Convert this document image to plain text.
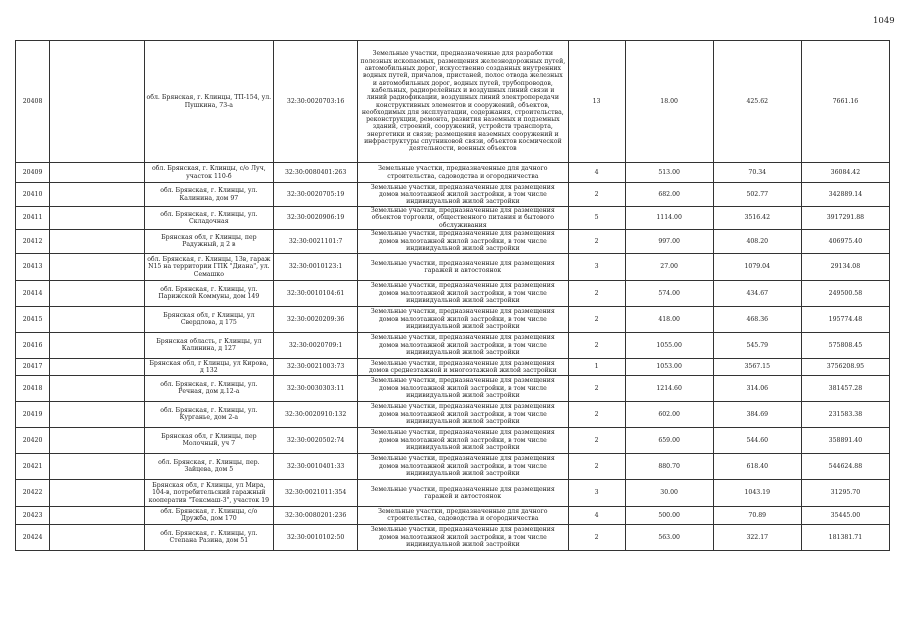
1049
20408		обл. Брянская, г. Клинцы, ТП-154, ул. Пушкина, 73-а	32:30:0020703:16	Земельные участки, предназначенные для разработки полезных ископаемых, размещения железнодорожных путей, автомобильных дорог, искусственно созданных внутренних водных путей, причалов, пристаней, полос отвода железных и автомобильных дорог, водных путей, трубопроводов, кабельных, радиорелейных и воздушных линий связи и линий радиофикации, воздушных линий электропередачи конструктивных элементов и сооружений, объектов, необходимых для эксплуатации, содержания, строительства, реконструкции, ремонта, развития наземных и подземных зданий, строений, сооружений, устройств транспорта, энергетики и связи; размещения наземных сооружений и инфраструктуры спутниковой связи, объектов космической деятельности, военных объектов	13	18.00	425.62	7661.16
20409		обл. Брянская, г. Клинцы, с/о Луч, участок 110-б	32:30:0080401:263	Земельные участки, предназначенные для дачного строительства, садоводства и огородничества	4	513.00	70.34	36084.42
20410		обл. Брянская, г. Клинцы, ул. Калинина, дом 97	32:30:0020705:19	Земельные участки, предназначенные для размещения домов малоэтажной жилой застройки, в том числе индивидуальной жилой застройки	2	682.00	502.77	342889.14
20411		обл. Брянская, г. Клинцы, ул. Складочная	32:30:0020906:19	Земельные участки, предназначенные для размещения объектов торговли, общественного питания и бытового обслуживания	5	1114.00	3516.42	3917291.88
20412		Брянская обл, г Клинцы, пер Радужный, д 2 в	32:30:0021101:7	Земельные участки, предназначенные для размещения домов малоэтажной жилой застройки, в том числе индивидуальной жилой застройки	2	997.00	408.20	406975.40
20413		обл. Брянская, г. Клинцы, 13в, гараж N15 на территории ГПК "Диана", ул. Семашко	32:30:0010123:1	Земельные участки, предназначенные для размещения гаражей и автостоянок	3	27.00	1079.04	29134.08
20414		обл. Брянская, г. Клинцы, ул. Парижской Коммуны, дом 149	32:30:0010104:61	Земельные участки, предназначенные для размещения домов малоэтажной жилой застройки, в том числе индивидуальной жилой застройки	2	574.00	434.67	249500.58
20415		Брянская обл, г Клинцы, ул Свердлова, д 175	32:30:0020209:36	Земельные участки, предназначенные для размещения домов малоэтажной жилой застройки, в том числе индивидуальной жилой застройки	2	418.00	468.36	195774.48
20416		Брянская область, г Клинцы, ул Калинина, д 127	32:30:0020709:1	Земельные участки, предназначенные для размещения домов малоэтажной жилой застройки, в том числе индивидуальной жилой застройки	2	1055.00	545.79	575808.45
20417		Брянская обл, г Клинцы, ул Кирова, д 132	32:30:0021003:73	Земельные участки, предназначенные для размещения домов среднеэтажной и многоэтажной жилой застройки	1	1053.00	3567.15	3756208.95
20418		обл. Брянская, г. Клинцы, ул. Речная, дом д.12-а	32:30:0030303:11	Земельные участки, предназначенные для размещения домов малоэтажной жилой застройки, в том числе индивидуальной жилой застройки	2	1214.60	314.06	381457.28
20419		обл. Брянская, г. Клинцы, ул. Курганье, дом 2-а	32:30:0020910:132	Земельные участки, предназначенные для размещения домов малоэтажной жилой застройки, в том числе индивидуальной жилой застройки	2	602.00	384.69	231583.38
20420		Брянская обл, г Клинцы, пер Молочный, уч 7	32:30:0020502:74	Земельные участки, предназначенные для размещения домов малоэтажной жилой застройки, в том числе индивидуальной жилой застройки	2	659.00	544.60	358891.40
20421		обл. Брянская, г. Клинцы, пер. Зайцева, дом 5	32:30:0010401:33	Земельные участки, предназначенные для размещения домов малоэтажной жилой застройки, в том числе индивидуальной жилой застройки	2	880.70	618.40	544624.88
20422		Брянская обл, г Клинцы, ул Мира, 104-в, потребительский гаражный кооператив "Тексмаш-3", участок 19	32:30:0021011:354	Земельные участки, предназначенные для размещения гаражей и автостоянок	3	30.00	1043.19	31295.70
20423		обл. Брянская, г. Клинцы, с/о Дружба, дом 170	32:30:0080201:236	Земельные участки, предназначенные для дачного строительства, садоводства и огородничества	4	500.00	70.89	35445.00
20424		обл. Брянская, г. Клинцы, ул. Степана Разина, дом 51	32:30:0010102:50	Земельные участки, предназначенные для размещения домов малоэтажной жилой застройки, в том числе индивидуальной жилой застройки	2	563.00	322.17	181381.71
